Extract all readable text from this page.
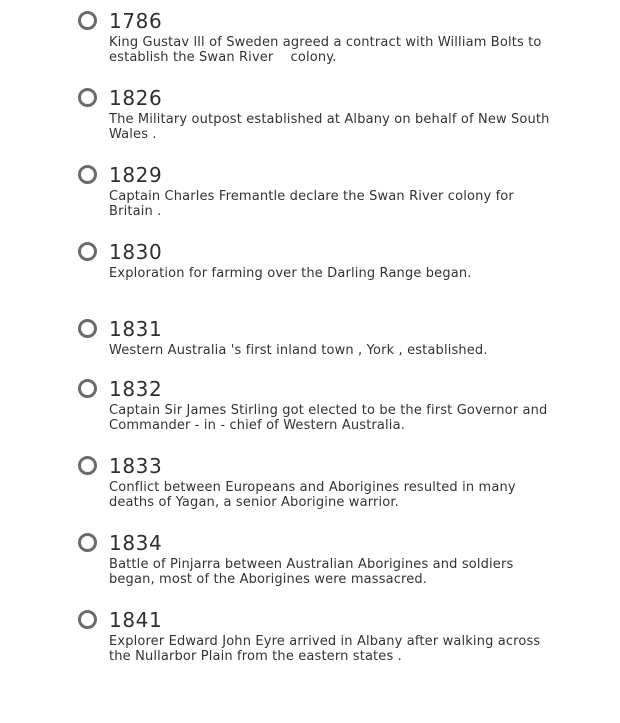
1786
King Gustav lll of Sweden agreed a contract with William Bolts to establish the Swan River    colony.
1826
The Military outpost established at Albany on behalf of New South Wales .
1829
Captain Charles Fremantle declare the Swan River colony for Britain .
1830
Exploration for farming over the Darling Range began.
1831
Western Australia 's first inland town , York , established.
1832
Captain Sir James Stirling got elected to be the first Governor and Commander - in - chief of Western Australia.
1833
Conflict between Europeans and Aborigines resulted in many deaths of Yagan, a senior Aborigine warrior.
1834
Battle of Pinjarra between Australian Aborigines and soldiers began, most of the Aborigines were massacred.
1841
Explorer Edward John Eyre arrived in Albany after walking across the Nullarbor Plain from the eastern states .
